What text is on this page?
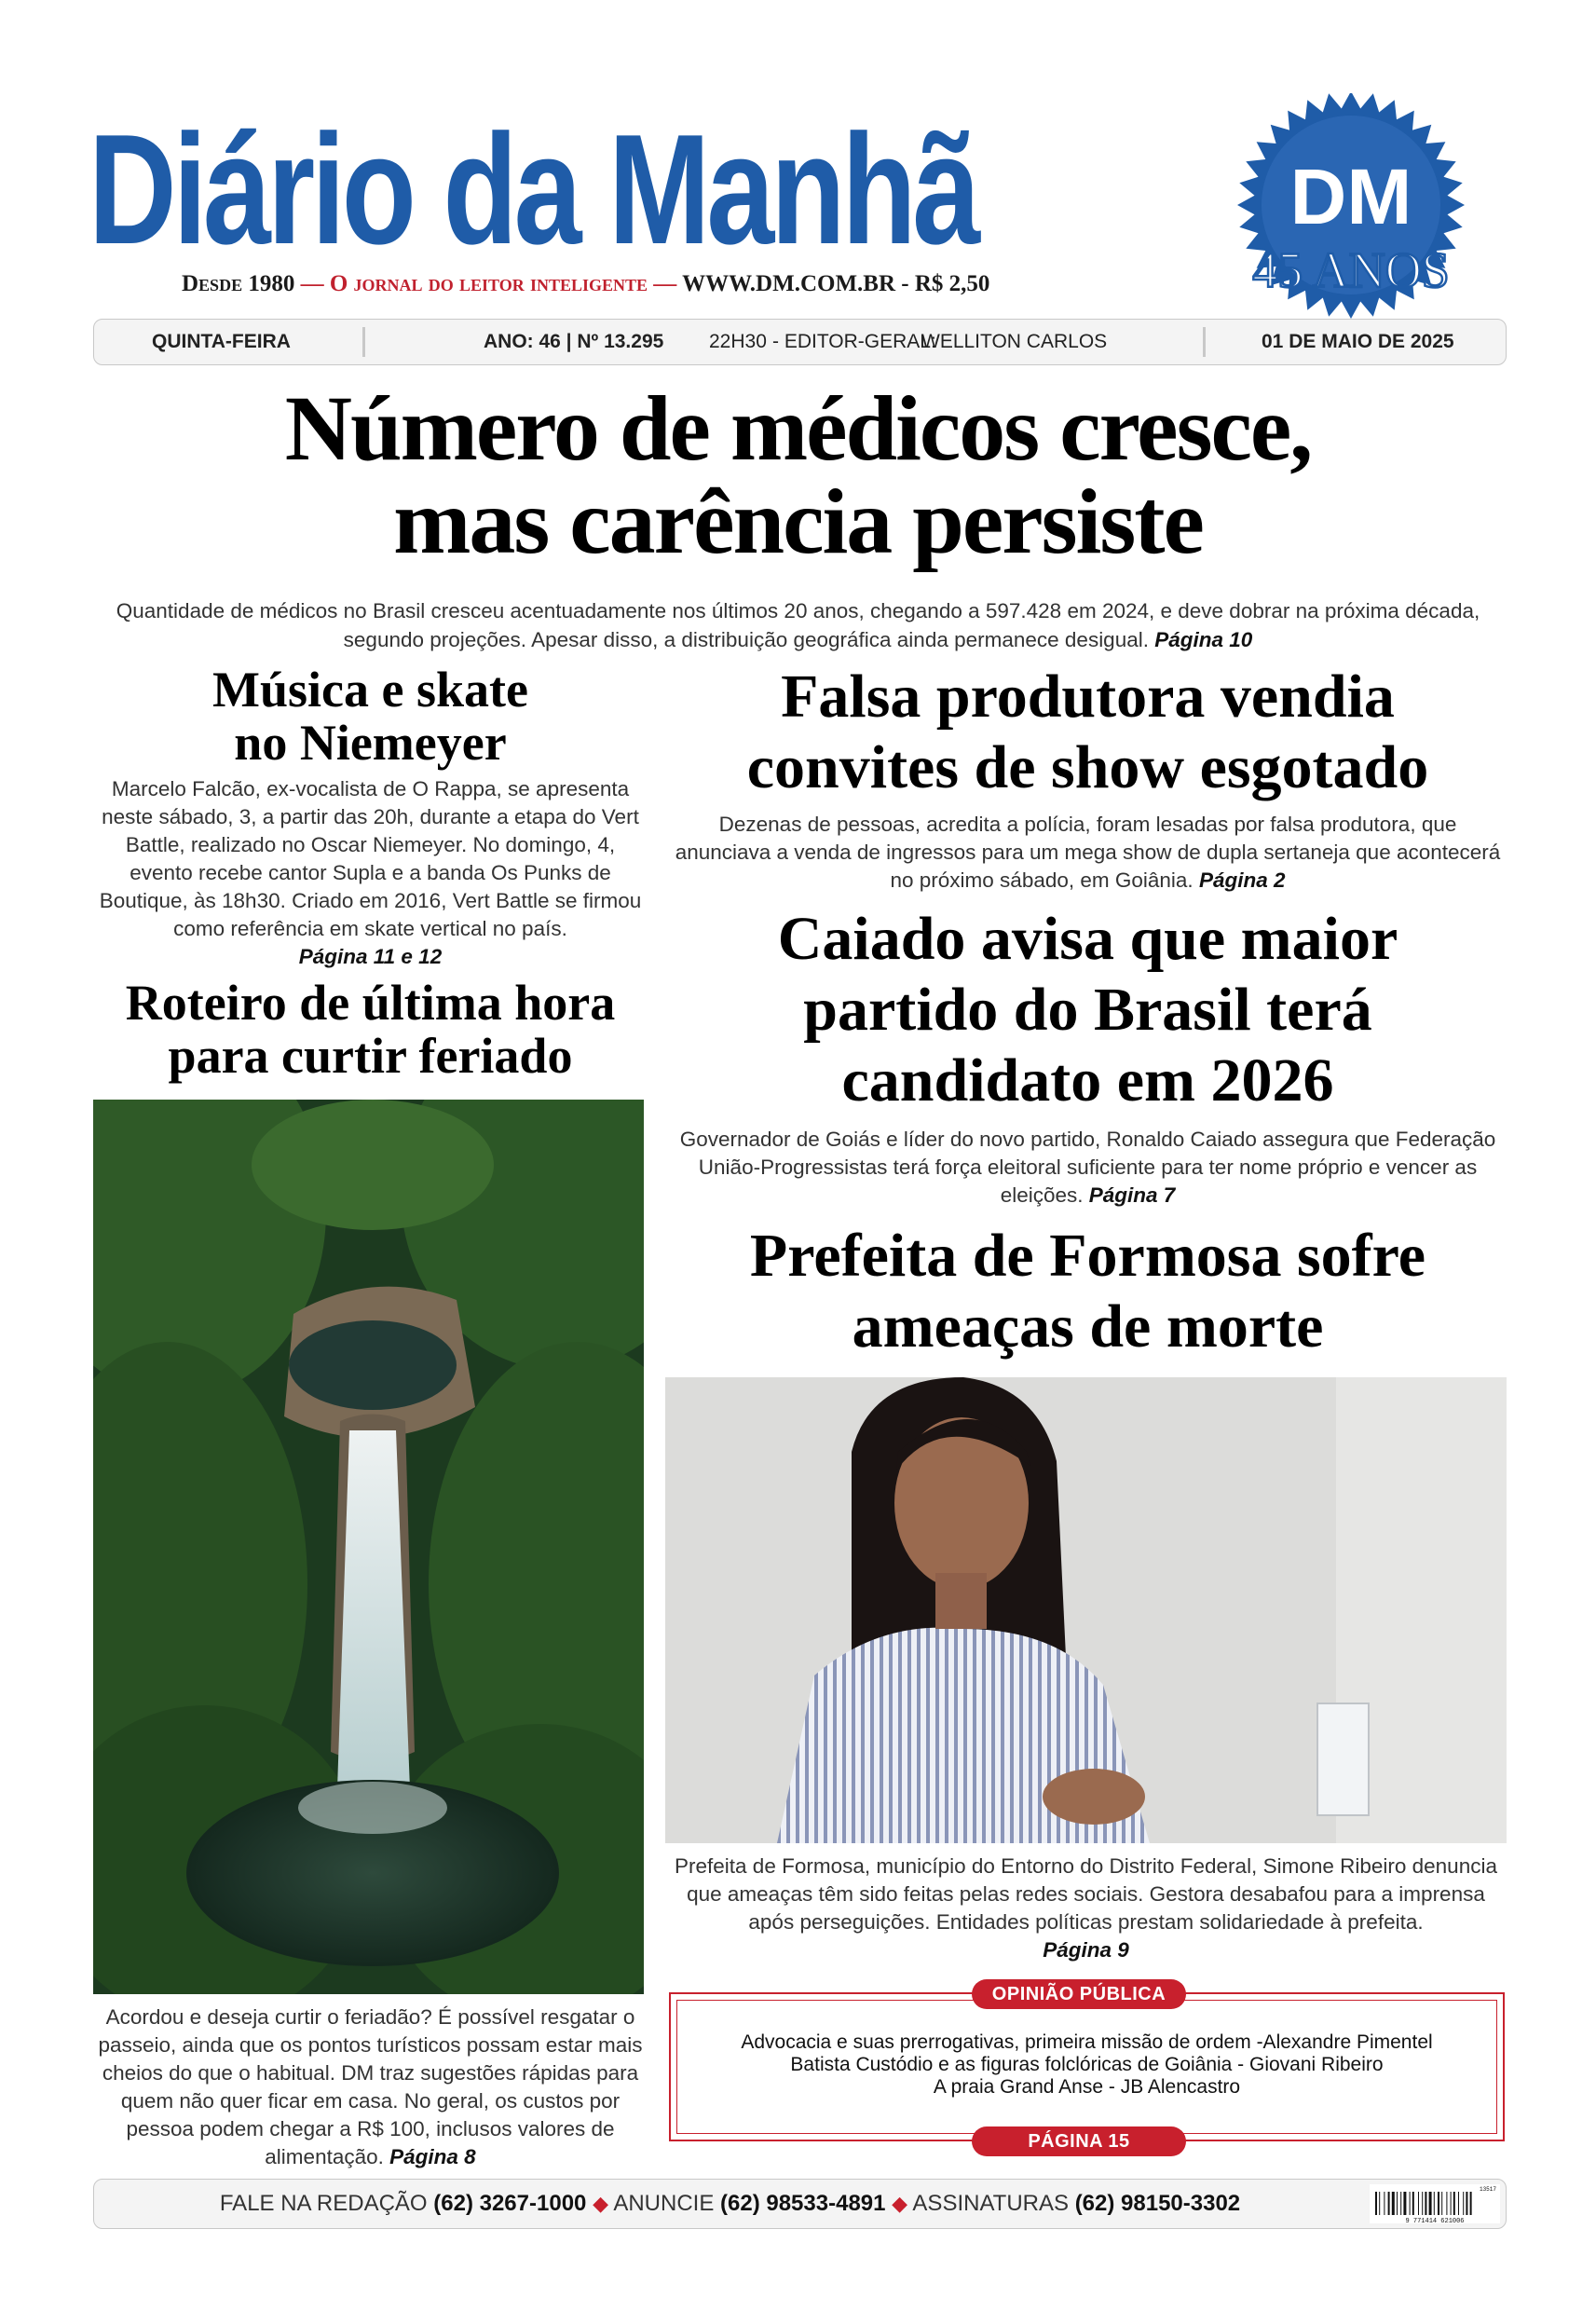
Diário da Manhã
Desde 1980 — O jornal do leitor inteligente — WWW.DM.COM.BR - R$ 2,50
DM
45 ANOS
QUINTA-FEIRA	ANO: 46 | Nº 13.295 22H30 - EDITOR-GERAL:
WELLITON CARLOS	01 DE MAIO DE 2025
Número de médicos cresce,
mas carência persiste
Quantidade de médicos no Brasil cresceu acentuadamente nos últimos 20 anos, chegando a 597.428 em 2024, e deve dobrar na próxima década, segundo projeções. Apesar disso, a distribuição geográfica ainda permanece desigual. Página 10
Música e skate
no Niemeyer
Marcelo Falcão, ex-vocalista de O Rappa, se apresenta neste sábado, 3, a partir das 20h, durante a etapa do Vert Battle, realizado no Oscar Niemeyer. No domingo, 4, evento recebe cantor Supla e a banda Os Punks de Boutique, às 18h30. Criado em 2016, Vert Battle se firmou como referência em skate vertical no país.
Página 11 e 12
Roteiro de última hora
para curtir feriado
Acordou e deseja curtir o feriadão? É possível resgatar o passeio, ainda que os pontos turísticos possam estar mais cheios do que o habitual. DM traz sugestões rápidas para quem não quer ficar em casa. No geral, os custos por pessoa podem chegar a R$ 100, inclusos valores de alimentação. Página 8
Falsa produtora vendia
convites de show esgotado
Dezenas de pessoas, acredita a polícia, foram lesadas por falsa produtora, que anunciava a venda de ingressos para um mega show de dupla sertaneja que acontecerá no próximo sábado, em Goiânia. Página 2
Caiado avisa que maior
partido do Brasil terá
candidato em 2026
Governador de Goiás e líder do novo partido, Ronaldo Caiado assegura que Federação União-Progressistas terá força eleitoral suficiente para ter nome próprio e vencer as eleições. Página 7
Prefeita de Formosa sofre
ameaças de morte
Prefeita de Formosa, município do Entorno do Distrito Federal, Simone Ribeiro denuncia que ameaças têm sido feitas pelas redes sociais. Gestora desabafou para a imprensa após perseguições. Entidades políticas prestam solidariedade à prefeita.
Página 9
OPINIÃO PÚBLICA
Advocacia e suas prerrogativas, primeira missão de ordem -Alexandre Pimentel
Batista Custódio e as figuras folclóricas de Goiânia - Giovani Ribeiro
A praia Grand Anse - JB Alencastro
PÁGINA 15
FALE NA REDAÇÃO (62) 3267-1000 ◆ ANUNCIE (62) 98533-4891 ◆ ASSINATURAS (62) 98150-3302
9 771414 621006
13517
